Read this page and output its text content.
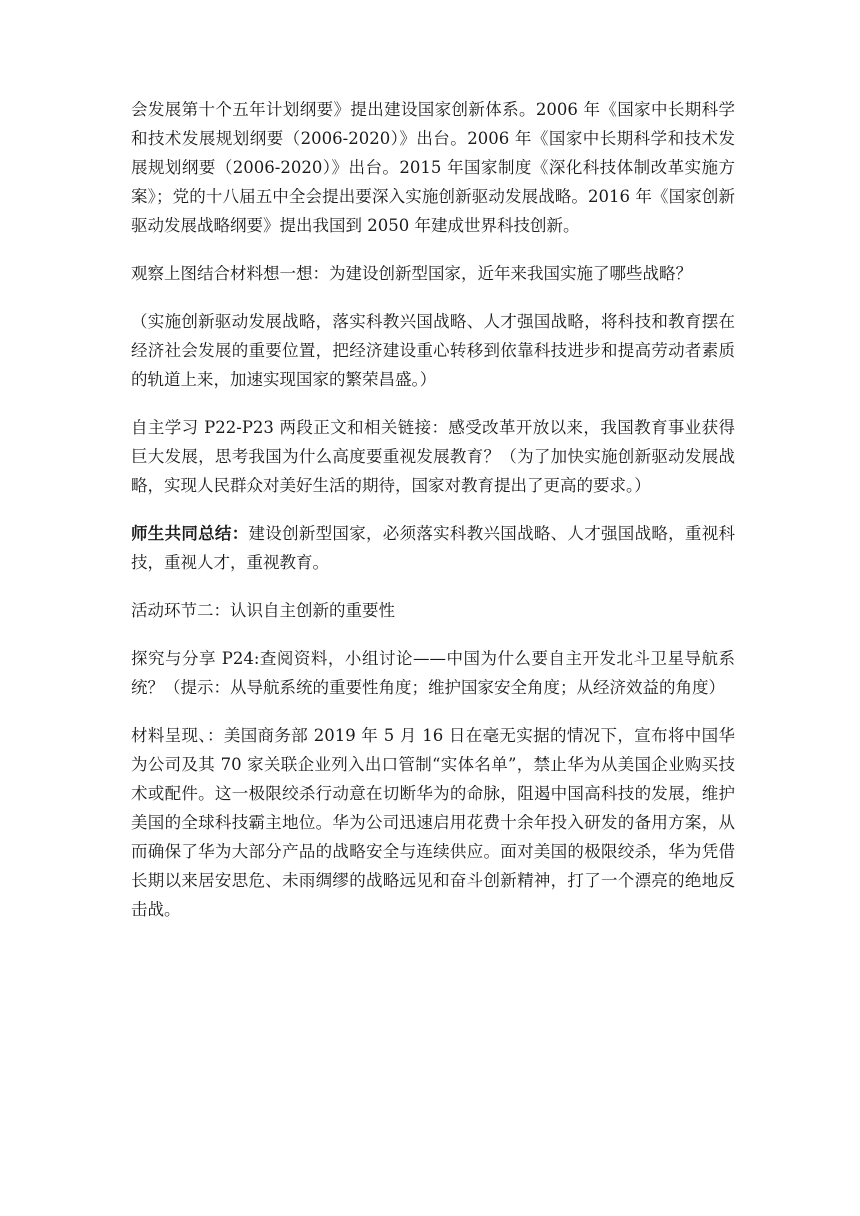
会发展第十个五年计划纲要》提出建设国家创新体系。2006 年《国家中长期科学和技术发展规划纲要（2006-2020）》出台。2006 年《国家中长期科学和技术发展规划纲要（2006-2020）》出台。2015 年国家制度《深化科技体制改革实施方案》；党的十八届五中全会提出要深入实施创新驱动发展战略。2016 年《国家创新驱动发展战略纲要》提出我国到 2050 年建成世界科技创新。

观察上图结合材料想一想：为建设创新型国家，近年来我国实施了哪些战略？

（实施创新驱动发展战略，落实科教兴国战略、人才强国战略，将科技和教育摆在经济社会发展的重要位置，把经济建设重心转移到依靠科技进步和提高劳动者素质的轨道上来，加速实现国家的繁荣昌盛。）

自主学习 P22-P23 两段正文和相关链接：感受改革开放以来，我国教育事业获得巨大发展，思考我国为什么高度要重视发展教育？（为了加快实施创新驱动发展战略，实现人民群众对美好生活的期待，国家对教育提出了更高的要求。）

师生共同总结：建设创新型国家，必须落实科教兴国战略、人才强国战略，重视科技，重视人才，重视教育。

活动环节二：认识自主创新的重要性

探究与分享 P24:查阅资料，小组讨论——中国为什么要自主开发北斗卫星导航系统？（提示：从导航系统的重要性角度；维护国家安全角度；从经济效益的角度）

材料呈现、：美国商务部 2019 年 5 月 16 日在毫无实据的情况下，宣布将中国华为公司及其 70 家关联企业列入出口管制“实体名单”，禁止华为从美国企业购买技术或配件。这一极限绞杀行动意在切断华为的命脉，阻遏中国高科技的发展，维护美国的全球科技霸主地位。华为公司迅速启用花费十余年投入研发的备用方案，从而确保了华为大部分产品的战略安全与连续供应。面对美国的极限绞杀，华为凭借长期以来居安思危、未雨绸缪的战略远见和奋斗创新精神，打了一个漂亮的绝地反击战。
